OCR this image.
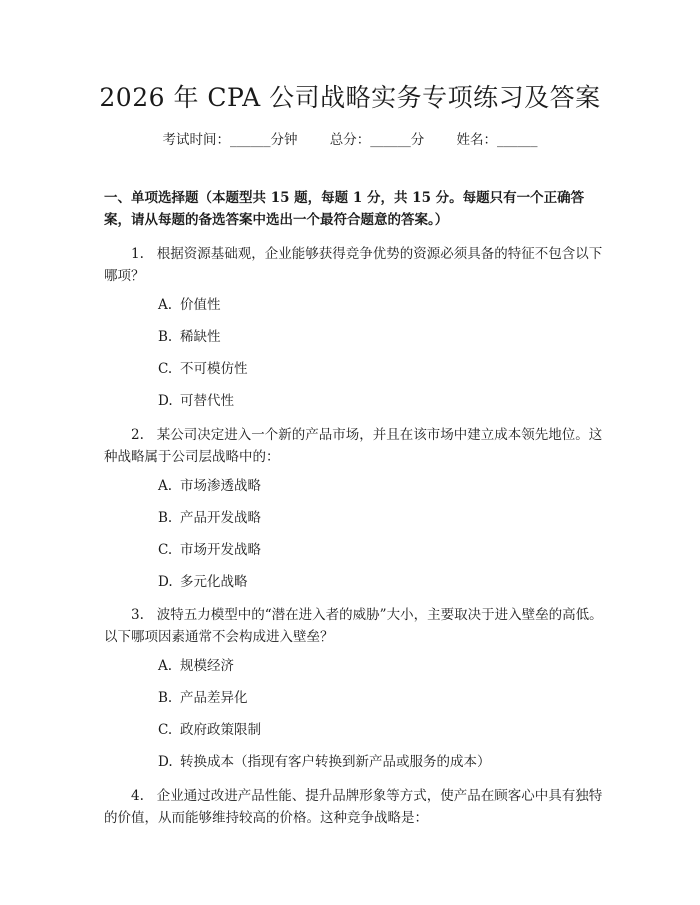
2026 年 CPA 公司战略实务专项练习及答案
考试时间：______分钟 总分：______分 姓名：______
一、单项选择题（本题型共 15 题，每题 1 分，共 15 分。每题只有一个正确答案，请从每题的备选答案中选出一个最符合题意的答案。）
1. 根据资源基础观，企业能够获得竞争优势的资源必须具备的特征不包含以下哪项？
A. 价值性
B. 稀缺性
C. 不可模仿性
D. 可替代性
2. 某公司决定进入一个新的产品市场，并且在该市场中建立成本领先地位。这种战略属于公司层战略中的：
A. 市场渗透战略
B. 产品开发战略
C. 市场开发战略
D. 多元化战略
3. 波特五力模型中的“潜在进入者的威胁”大小，主要取决于进入壁垒的高低。以下哪项因素通常不会构成进入壁垒？
A. 规模经济
B. 产品差异化
C. 政府政策限制
D. 转换成本（指现有客户转换到新产品或服务的成本）
4. 企业通过改进产品性能、提升品牌形象等方式，使产品在顾客心中具有独特的价值，从而能够维持较高的价格。这种竞争战略是：
